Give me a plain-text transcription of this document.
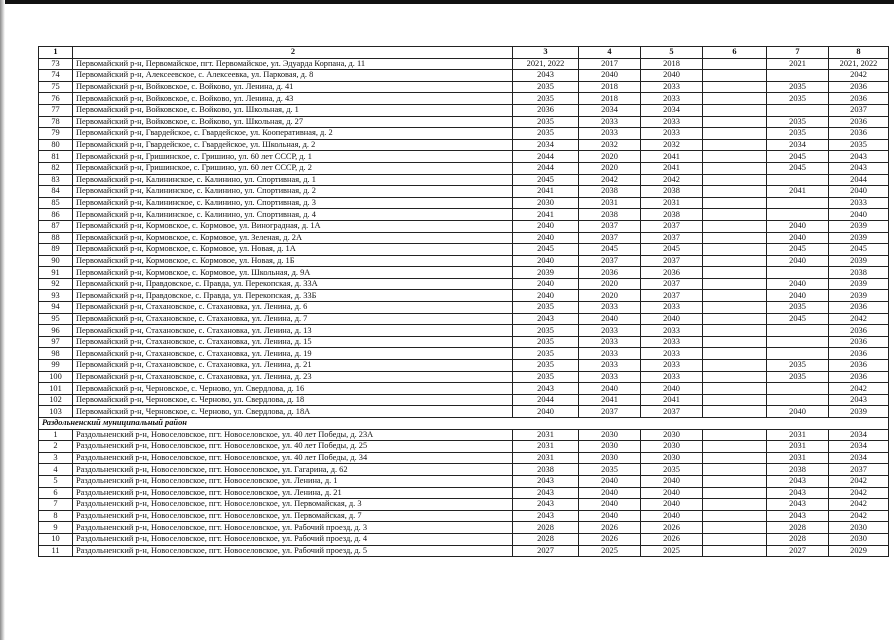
1	2	3	4	5	6	7	8
73	Первомайский р-н, Первомайское, пгт. Первомайское, ул. Эдуарда Корпана, д. 11	2021, 2022	2017	2018		2021	2021, 2022
74	Первомайский р-н, Алексеевское, с. Алексеевка, ул. Парковая, д. 8	2043	2040	2040			2042
75	Первомайский р-н, Войковское, с. Войково, ул. Ленина, д. 41	2035	2018	2033		2035	2036
76	Первомайский р-н, Войковское, с. Войково, ул. Ленина, д. 43	2035	2018	2033		2035	2036
77	Первомайский р-н, Войковское, с. Войково, ул. Школьная, д. 1	2036	2034	2034			2037
78	Первомайский р-н, Войковское, с. Войково, ул. Школьная, д. 27	2035	2033	2033		2035	2036
79	Первомайский р-н, Гвардейское, с. Гвардейское, ул. Кооперативная, д. 2	2035	2033	2033		2035	2036
80	Первомайский р-н, Гвардейское, с. Гвардейское, ул. Школьная, д. 2	2034	2032	2032		2034	2035
81	Первомайский р-н, Гришинское, с. Гришино, ул. 60 лет СССР, д. 1	2044	2020	2041		2045	2043
82	Первомайский р-н, Гришинское, с. Гришино, ул. 60 лет СССР, д. 2	2044	2020	2041		2045	2043
83	Первомайский р-н, Калининское, с. Калинино, ул. Спортивная, д. 1	2045	2042	2042			2044
84	Первомайский р-н, Калининское, с. Калинино, ул. Спортивная, д. 2	2041	2038	2038		2041	2040
85	Первомайский р-н, Калининское, с. Калинино, ул. Спортивная, д. 3	2030	2031	2031			2033
86	Первомайский р-н, Калининское, с. Калинино, ул. Спортивная, д. 4	2041	2038	2038			2040
87	Первомайский р-н, Кормовское, с. Кормовое, ул. Виноградная, д. 1А	2040	2037	2037		2040	2039
88	Первомайский р-н, Кормовское, с. Кормовое, ул. Зеленая, д. 2А	2040	2037	2037		2040	2039
89	Первомайский р-н, Кормовское, с. Кормовое, ул. Новая, д. 1А	2045	2045	2045		2045	2045
90	Первомайский р-н, Кормовское, с. Кормовое, ул. Новая, д. 1Б	2040	2037	2037		2040	2039
91	Первомайский р-н, Кормовское, с. Кормовое, ул. Школьная, д. 9А	2039	2036	2036			2038
92	Первомайский р-н, Правдовское, с. Правда, ул. Перекопская, д. 33А	2040	2020	2037		2040	2039
93	Первомайский р-н, Правдовское, с. Правда, ул. Перекопская, д. 33Б	2040	2020	2037		2040	2039
94	Первомайский р-н, Стахановское, с. Стахановка, ул. Ленина, д. 6	2035	2033	2033		2035	2036
95	Первомайский р-н, Стахановское, с. Стахановка, ул. Ленина, д. 7	2043	2040	2040		2045	2042
96	Первомайский р-н, Стахановское, с. Стахановка, ул. Ленина, д. 13	2035	2033	2033			2036
97	Первомайский р-н, Стахановское, с. Стахановка, ул. Ленина, д. 15	2035	2033	2033			2036
98	Первомайский р-н, Стахановское, с. Стахановка, ул. Ленина, д. 19	2035	2033	2033			2036
99	Первомайский р-н, Стахановское, с. Стахановка, ул. Ленина, д. 21	2035	2033	2033		2035	2036
100	Первомайский р-н, Стахановское, с. Стахановка, ул. Ленина, д. 23	2035	2033	2033		2035	2036
101	Первомайский р-н, Черновское, с. Черново, ул. Свердлова, д. 16	2043	2040	2040			2042
102	Первомайский р-н, Черновское, с. Черново, ул. Свердлова, д. 18	2044	2041	2041			2043
103	Первомайский р-н, Черновское, с. Черново, ул. Свердлова, д. 18А	2040	2037	2037		2040	2039
Раздольненский муниципальный район							
1	Раздольненский р-н, Новоселовское, пгт. Новоселовское, ул. 40 лет Победы, д. 23А	2031	2030	2030		2031	2034
2	Раздольненский р-н, Новоселовское, пгт. Новоселовское, ул. 40 лет Победы, д. 25	2031	2030	2030		2031	2034
3	Раздольненский р-н, Новоселовское, пгт. Новоселовское, ул. 40 лет Победы, д. 34	2031	2030	2030		2031	2034
4	Раздольненский р-н, Новоселовское, пгт. Новоселовское, ул. Гагарина, д. 62	2038	2035	2035		2038	2037
5	Раздольненский р-н, Новоселовское, пгт. Новоселовское, ул. Ленина, д. 1	2043	2040	2040		2043	2042
6	Раздольненский р-н, Новоселовское, пгт. Новоселовское, ул. Ленина, д. 21	2043	2040	2040		2043	2042
7	Раздольненский р-н, Новоселовское, пгт. Новоселовское, ул. Первомайская, д. 3	2043	2040	2040		2043	2042
8	Раздольненский р-н, Новоселовское, пгт. Новоселовское, ул. Первомайская, д. 7	2043	2040	2040		2043	2042
9	Раздольненский р-н, Новоселовское, пгт. Новоселовское, ул. Рабочий проезд, д. 3	2028	2026	2026		2028	2030
10	Раздольненский р-н, Новоселовское, пгт. Новоселовское, ул. Рабочий проезд, д. 4	2028	2026	2026		2028	2030
11	Раздольненский р-н, Новоселовское, пгт. Новоселовское, ул. Рабочий проезд, д. 5	2027	2025	2025		2027	2029
